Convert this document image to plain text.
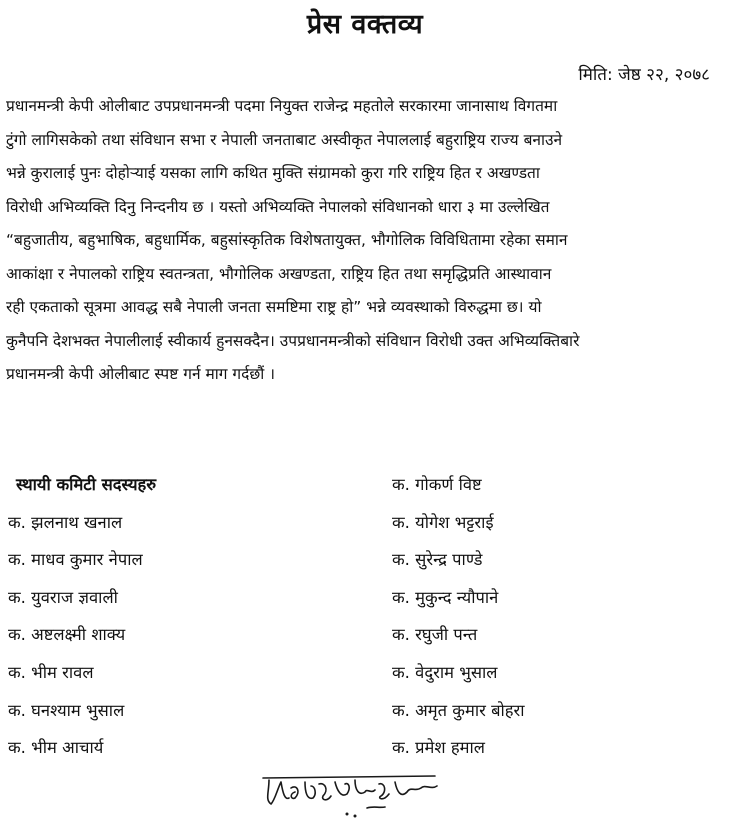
प्रेस वक्तव्य
मिति: जेष्ठ २२, २०७८
प्रधानमन्त्री केपी ओलीबाट उपप्रधानमन्त्री पदमा नियुक्त राजेन्द्र महतोले सरकारमा जानासाथ विगतमा
टुंगो लागिसकेको तथा संविधान सभा र नेपाली जनताबाट अस्वीकृत नेपाललाई बहुराष्ट्रिय राज्य बनाउने
भन्ने कुरालाई पुनः दोहोऱ्याई यसका लागि कथित मुक्ति संग्रामको कुरा गरि राष्ट्रिय हित र अखण्डता
विरोधी अभिव्यक्ति दिनु निन्दनीय छ । यस्तो अभिव्यक्ति नेपालको संविधानको धारा ३ मा उल्लेखित
“बहुजातीय, बहुभाषिक, बहुधार्मिक, बहुसांस्कृतिक विशेषतायुक्त, भौगोलिक विविधितामा रहेका समान
आकांक्षा र नेपालको राष्ट्रिय स्वतन्त्रता, भौगोलिक अखण्डता, राष्ट्रिय हित तथा समृद्धिप्रति आस्थावान
रही एकताको सूत्रमा आवद्ध सबै नेपाली जनता समष्टिमा राष्ट्र हो” भन्ने व्यवस्थाको विरुद्धमा छ। यो
कुनैपनि देशभक्त नेपालीलाई स्वीकार्य हुनसक्दैन। उपप्रधानमन्त्रीको संविधान विरोधी उक्त अभिव्यक्तिबारे
प्रधानमन्त्री केपी ओलीबाट स्पष्ट गर्न माग गर्दछौं ।
स्थायी कमिटी सदस्यहरु
क. झलनाथ खनाल
क. माधव कुमार नेपाल
क. युवराज ज्ञवाली
क. अष्टलक्ष्मी शाक्य
क. भीम रावल
क. घनश्याम भुसाल
क. भीम आचार्य
क. गोकर्ण विष्ट
क. योगेश भट्टराई
क. सुरेन्द्र पाण्डे
क. मुकुन्द न्यौपाने
क. रघुजी पन्त
क. वेदुराम भुसाल
क. अमृत कुमार बोहरा
क. प्रमेश हमाल
